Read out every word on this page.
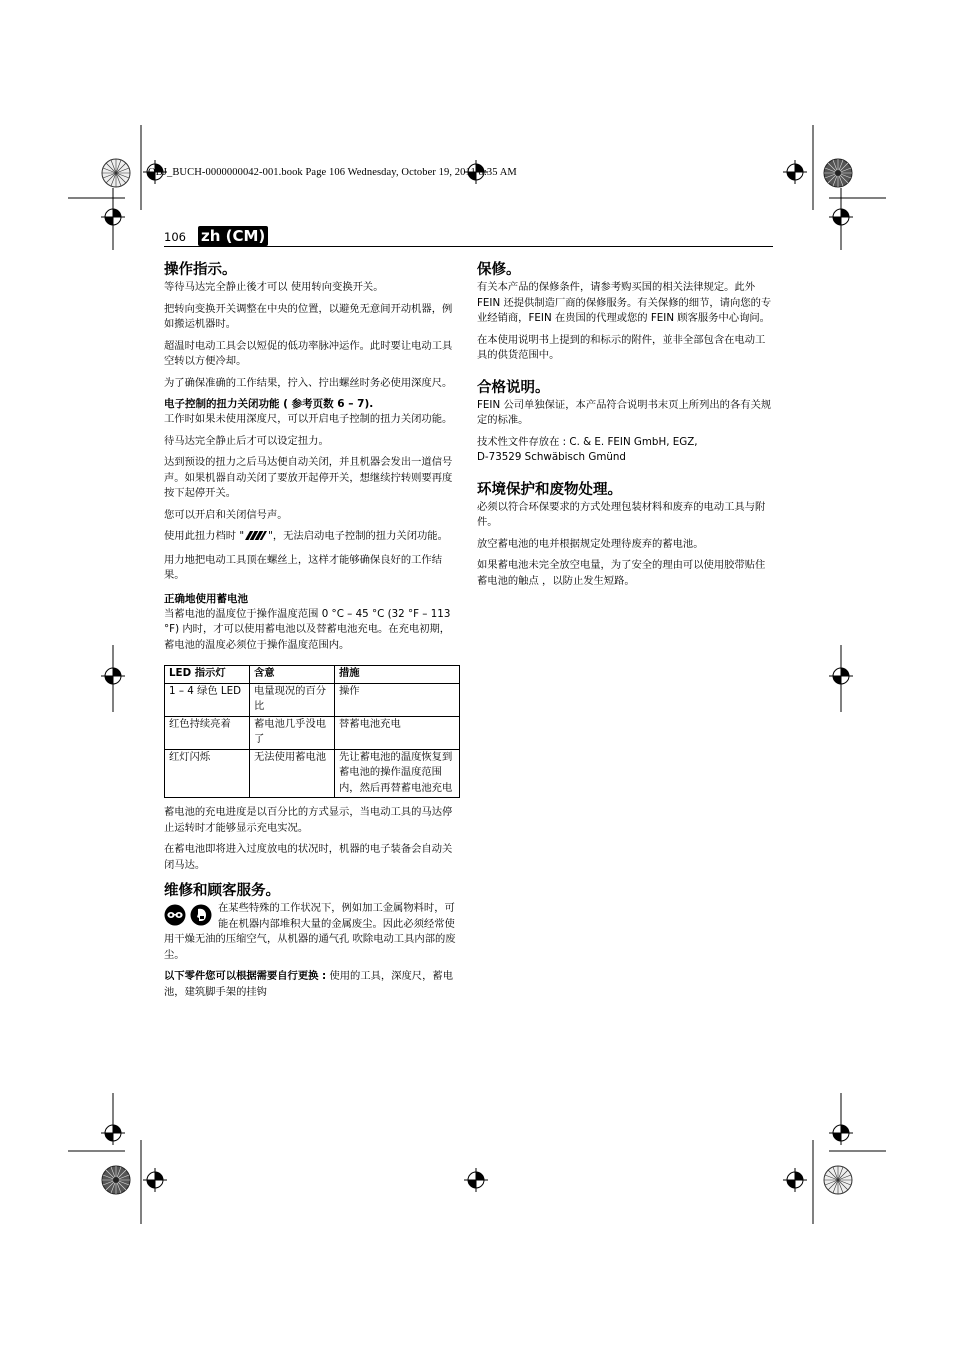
OBJ_BUCH-0000000042-001.book Page 106 Wednesday, October 19, 2011 8:35 AM
106 zh (CM)
操作指示。

等待马达完全静止後才可以 使用转向变换开关。

把转向变换开关调整在中央的位置，以避免无意间开动机器，例如搬运机器时。

超温时电动工具会以短促的低功率脉冲运作。此时要让电动工具空转以方便冷却。

为了确保准确的工作结果，拧入、拧出螺丝时务必使用深度尺。

电子控制的扭力关闭功能 ( 参考页数 6 – 7).

工作时如果未使用深度尺，可以开启电子控制的扭力关闭功能。

待马达完全静止后才可以设定扭力。

达到预设的扭力之后马达便自动关闭，并且机器会发出一道信号声。如果机器自动关闭了要放开起停开关，想继续拧转则要再度按下起停开关。

您可以开启和关闭信号声。

使用此扭力档时 " "，无法启动电子控制的扭力关闭功能。

用力地把电动工具顶在螺丝上，这样才能够确保良好的工作结果。

正确地使用蓄电池

当蓄电池的温度位于操作温度范围 0 °C – 45 °C (32 °F – 113 °F) 内时，才可以使用蓄电池以及替蓄电池充电。在充电初期，蓄电池的温度必须位于操作温度范围内。

LED 指示灯	含意	措施
1 – 4 绿色 LED	电量现况的百分比	操作
红色持续亮着	蓄电池几乎没电了	替蓄电池充电
红灯闪烁	无法使用蓄电池	先让蓄电池的温度恢复到蓄电池的操作温度范围内，然后再替蓄电池充电

蓄电池的充电进度是以百分比的方式显示，当电动工具的马达停止运转时才能够显示充电实况。

在蓄电池即将进入过度放电的状况时，机器的电子装备会自动关闭马达。

维修和顾客服务。

在某些特殊的工作状况下，例如加工金属物料时，可能在机器内部堆积大量的金属废尘。因此必须经常使用干燥无油的压缩空气，从机器的通气孔 吹除电动工具内部的废尘。

以下零件您可以根据需要自行更换 : 使用的工具，深度尺，蓄电池，建筑脚手架的挂钩

保修。

有关本产品的保修条件，请参考购买国的相关法律规定。此外 FEIN 还提供制造厂商的保修服务。有关保修的细节，请向您的专业经销商，FEIN 在贵国的代理或您的 FEIN 顾客服务中心询问。

在本使用说明书上提到的和标示的附件，並非全部包含在电动工具的供货范围中。

合格说明。

FEIN 公司单独保证，本产品符合说明书末页上所列出的各有关规定的标准。

技术性文件存放在 : C. & E. FEIN GmbH, EGZ,
D-73529 Schwäbisch Gmünd

环境保护和废物处理。

必须以符合环保要求的方式处理包装材料和废弃的电动工具与附件。

放空蓄电池的电并根据规定处理待废弃的蓄电池。

如果蓄电池未完全放空电量，为了安全的理由可以使用胶带贴住蓄电池的触点 ，以防止发生短路。
